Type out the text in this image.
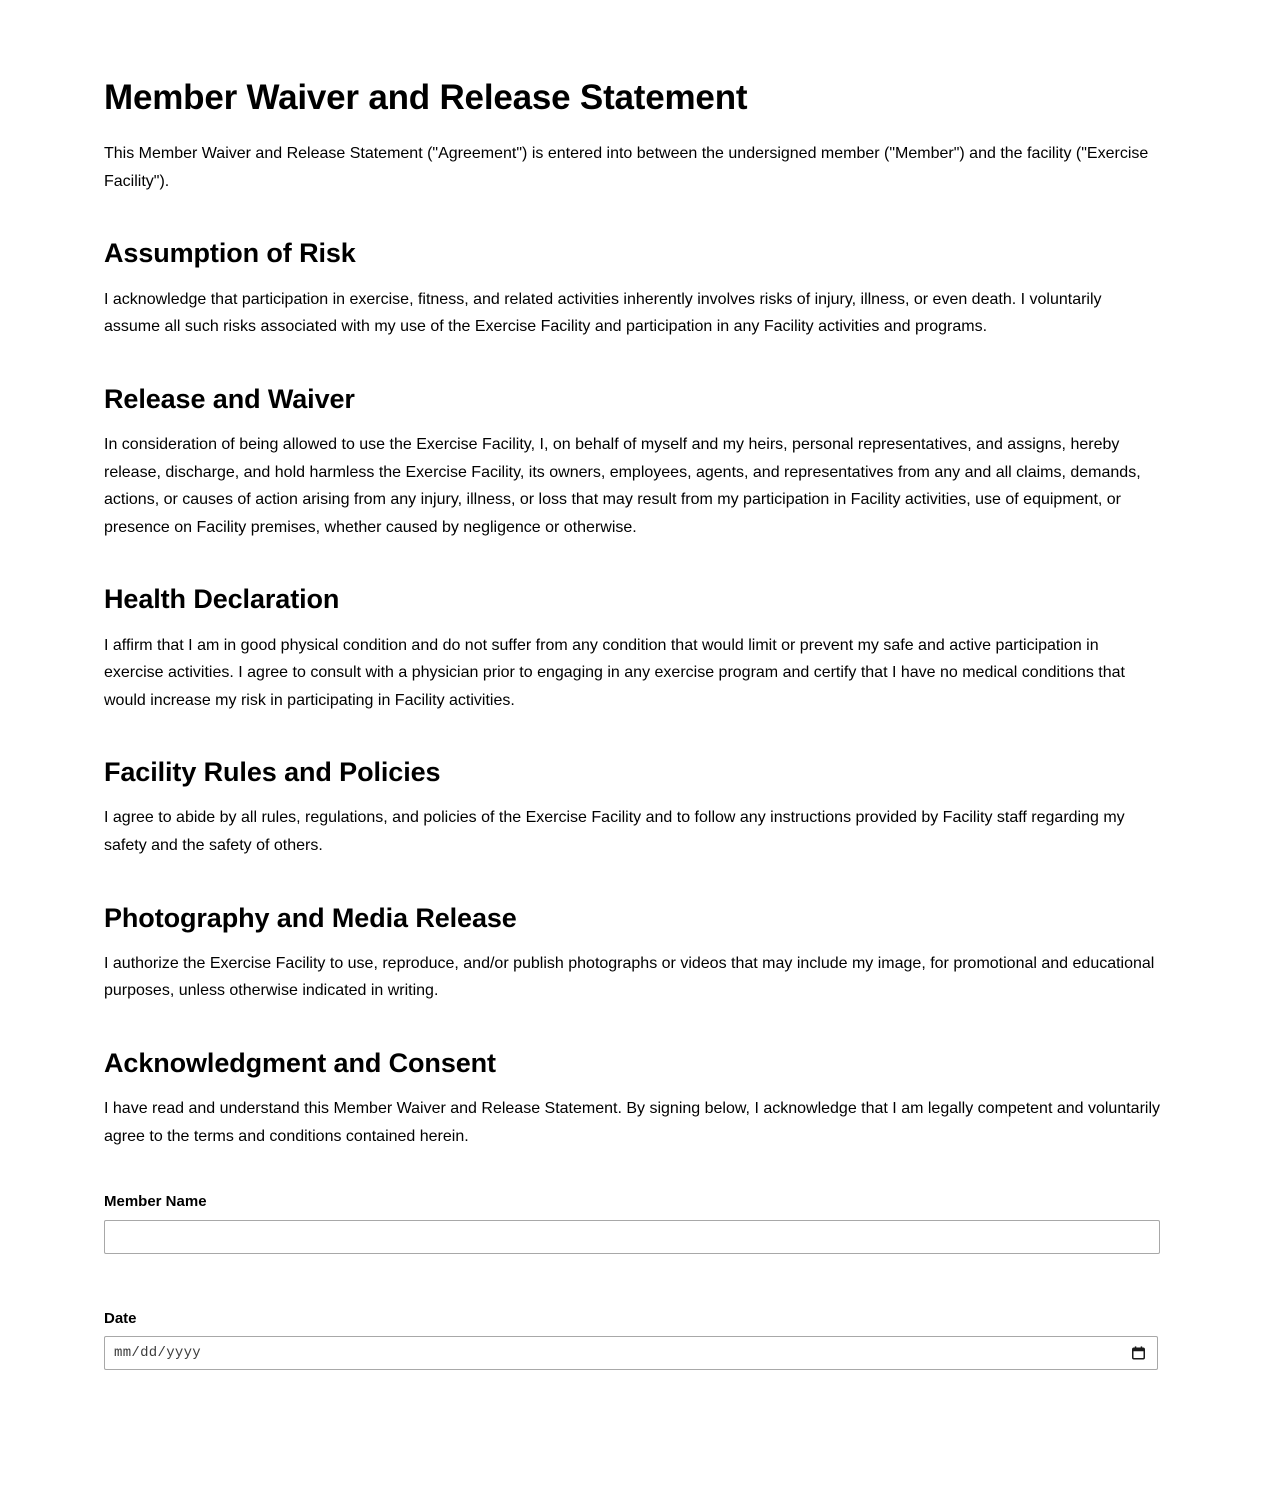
Member Waiver and Release Statement

This Member Waiver and Release Statement ("Agreement") is entered into between the undersigned member ("Member") and the facility ("Exercise Facility").

Assumption of Risk

I acknowledge that participation in exercise, fitness, and related activities inherently involves risks of injury, illness, or even death. I voluntarily assume all such risks associated with my use of the Exercise Facility and participation in any Facility activities and programs.

Release and Waiver

In consideration of being allowed to use the Exercise Facility, I, on behalf of myself and my heirs, personal representatives, and assigns, hereby release, discharge, and hold harmless the Exercise Facility, its owners, employees, agents, and representatives from any and all claims, demands, actions, or causes of action arising from any injury, illness, or loss that may result from my participation in Facility activities, use of equipment, or presence on Facility premises, whether caused by negligence or otherwise.

Health Declaration

I affirm that I am in good physical condition and do not suffer from any condition that would limit or prevent my safe and active participation in exercise activities. I agree to consult with a physician prior to engaging in any exercise program and certify that I have no medical conditions that would increase my risk in participating in Facility activities.

Facility Rules and Policies

I agree to abide by all rules, regulations, and policies of the Exercise Facility and to follow any instructions provided by Facility staff regarding my safety and the safety of others.

Photography and Media Release

I authorize the Exercise Facility to use, reproduce, and/or publish photographs or videos that may include my image, for promotional and educational purposes, unless otherwise indicated in writing.

Acknowledgment and Consent

I have read and understand this Member Waiver and Release Statement. By signing below, I acknowledge that I am legally competent and voluntarily agree to the terms and conditions contained herein.

Member Name
Date
mm/dd/yyyy
